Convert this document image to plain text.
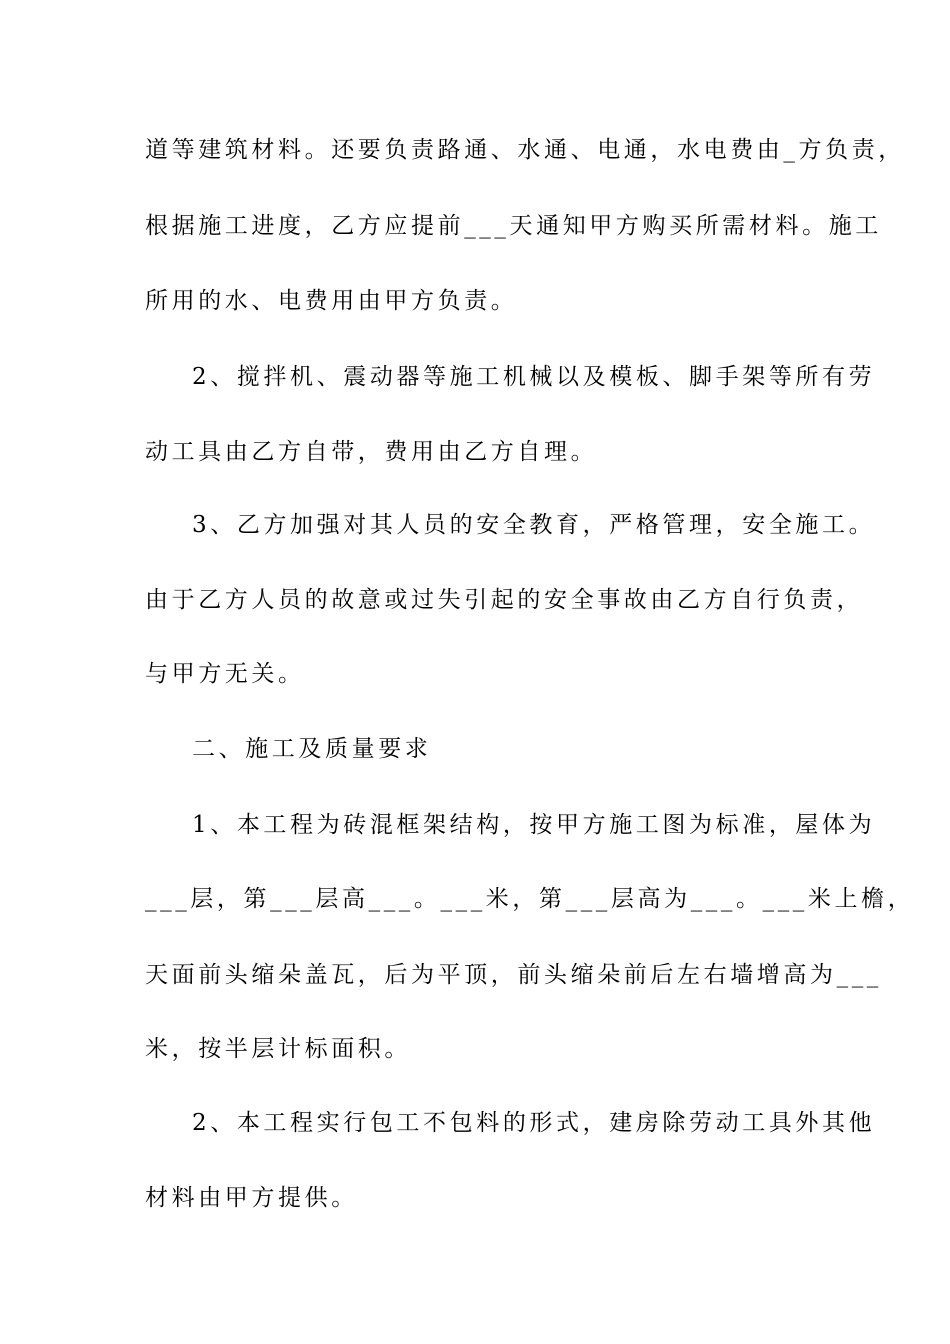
道等建筑材料。还要负责路通、水通、电通，水电费由_方负责，
根据施工进度，乙方应提前___天通知甲方购买所需材料。施工
所用的水、电费用由甲方负责。
2、搅拌机、震动器等施工机械以及模板、脚手架等所有劳
动工具由乙方自带，费用由乙方自理。
3、乙方加强对其人员的安全教育，严格管理，安全施工。
由于乙方人员的故意或过失引起的安全事故由乙方自行负责，
与甲方无关。
二、施工及质量要求
1、本工程为砖混框架结构，按甲方施工图为标准，屋体为
___层，第___层高___。___米，第___层高为___。___米上檐，
天面前头缩朵盖瓦，后为平顶，前头缩朵前后左右墙增高为___
米，按半层计标面积。
2、本工程实行包工不包料的形式，建房除劳动工具外其他
材料由甲方提供。
